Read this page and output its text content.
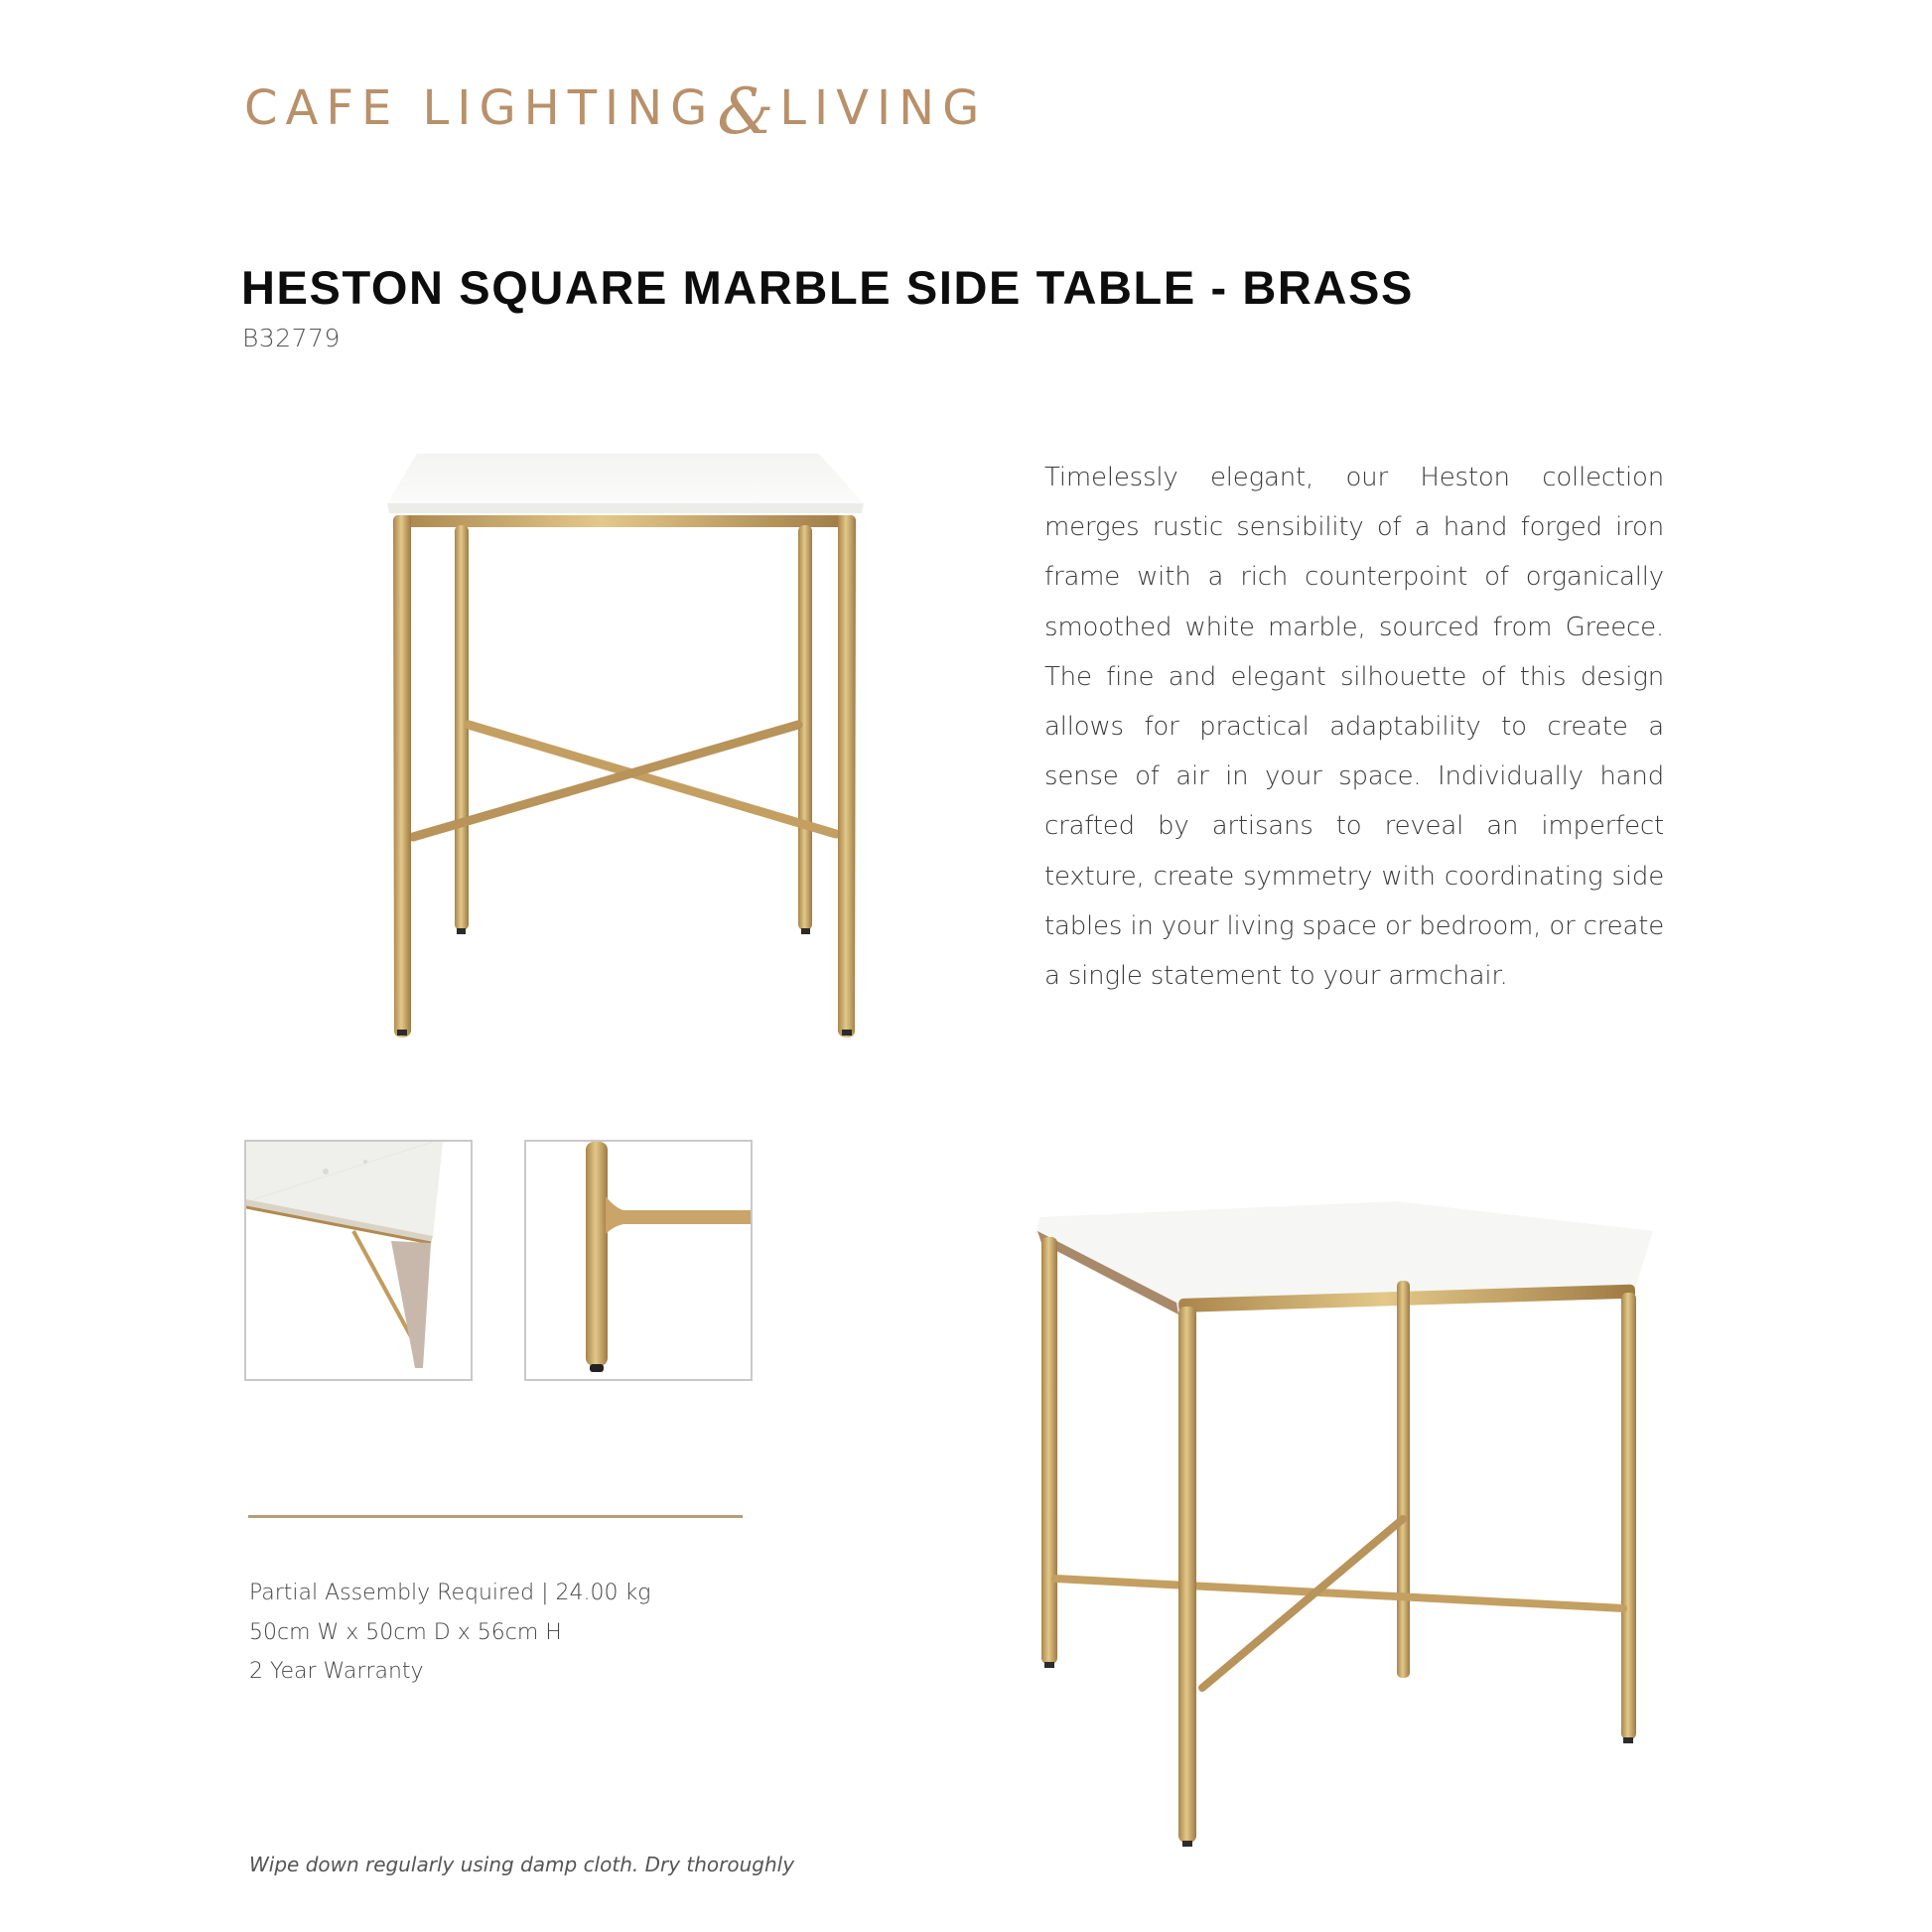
CAFE LIGHTING & LIVING
HESTON SQUARE MARBLE SIDE TABLE - BRASS
B32779
Timelessly elegant, our Heston collection merges rustic sensibility of a hand forged iron frame with a rich counterpoint of organically smoothed white marble, sourced from Greece. The fine and elegant silhouette of this design allows for practical adaptability to create a sense of air in your space. Individually hand crafted by artisans to reveal an imperfect texture, create symmetry with coordinating side tables in your living space or bedroom, or create a single statement to your armchair.
Partial Assembly Required | 24.00 kg
50cm W x 50cm D x 56cm H
2 Year Warranty
Wipe down regularly using damp cloth. Dry thoroughly
